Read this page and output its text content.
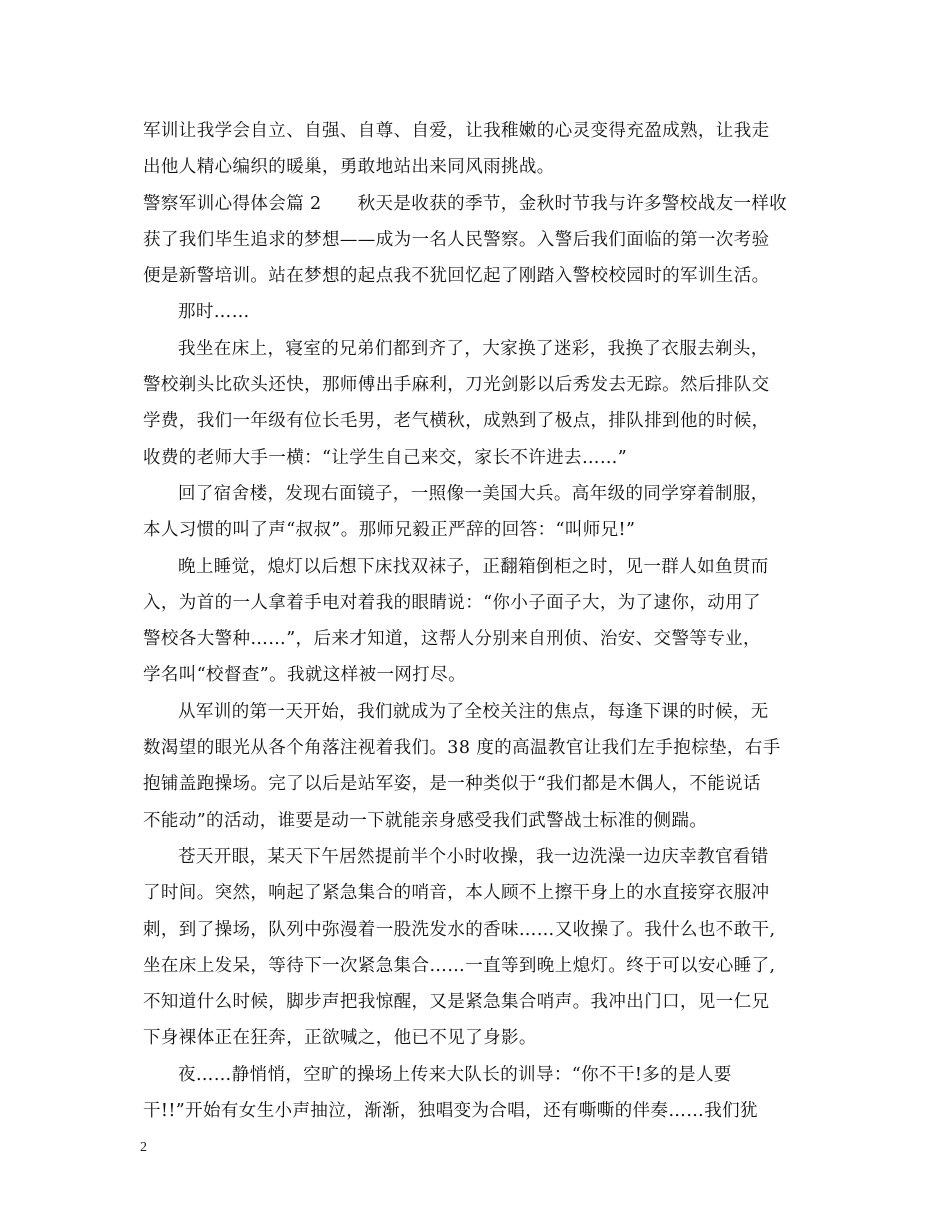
军训让我学会自立、自强、自尊、自爱，让我稚嫩的心灵变得充盈成熟，让我走
出他人精心编织的暖巢，勇敢地站出来同风雨挑战。
警察军训心得体会篇 2 秋天是收获的季节，金秋时节我与许多警校战友一样收
获了我们毕生追求的梦想——成为一名人民警察。入警后我们面临的第一次考验
便是新警培训。站在梦想的起点我不犹回忆起了刚踏入警校校园时的军训生活。
那时……
我坐在床上，寝室的兄弟们都到齐了，大家换了迷彩，我换了衣服去剃头，
警校剃头比砍头还快，那师傅出手麻利，刀光剑影以后秀发去无踪。然后排队交
学费，我们一年级有位长毛男，老气横秋，成熟到了极点，排队排到他的时候，
收费的老师大手一横：“让学生自己来交，家长不许进去……”
回了宿舍楼，发现右面镜子，一照像一美国大兵。高年级的同学穿着制服，
本人习惯的叫了声“叔叔”。那师兄毅正严辞的回答：“叫师兄!”
晚上睡觉，熄灯以后想下床找双袜子，正翻箱倒柜之时，见一群人如鱼贯而
入，为首的一人拿着手电对着我的眼睛说：“你小子面子大，为了逮你，动用了
警校各大警种……”，后来才知道，这帮人分别来自刑侦、治安、交警等专业，
学名叫“校督查”。我就这样被一网打尽。
从军训的第一天开始，我们就成为了全校关注的焦点，每逢下课的时候，无
数渴望的眼光从各个角落注视着我们。38 度的高温教官让我们左手抱棕垫，右手
抱铺盖跑操场。完了以后是站军姿，是一种类似于“我们都是木偶人，不能说话
不能动”的活动，谁要是动一下就能亲身感受我们武警战士标准的侧踹。
苍天开眼，某天下午居然提前半个小时收操，我一边洗澡一边庆幸教官看错
了时间。突然，响起了紧急集合的哨音，本人顾不上擦干身上的水直接穿衣服冲
刺，到了操场，队列中弥漫着一股洗发水的香味……又收操了。我什么也不敢干,
坐在床上发呆，等待下一次紧急集合……一直等到晚上熄灯。终于可以安心睡了,
不知道什么时候，脚步声把我惊醒，又是紧急集合哨声。我冲出门口，见一仁兄
下身裸体正在狂奔，正欲喊之，他已不见了身影。
夜……静悄悄，空旷的操场上传来大队长的训导：“你不干!多的是人要
干!!”开始有女生小声抽泣，渐渐，独唱变为合唱，还有嘶嘶的伴奏……我们犹
2
